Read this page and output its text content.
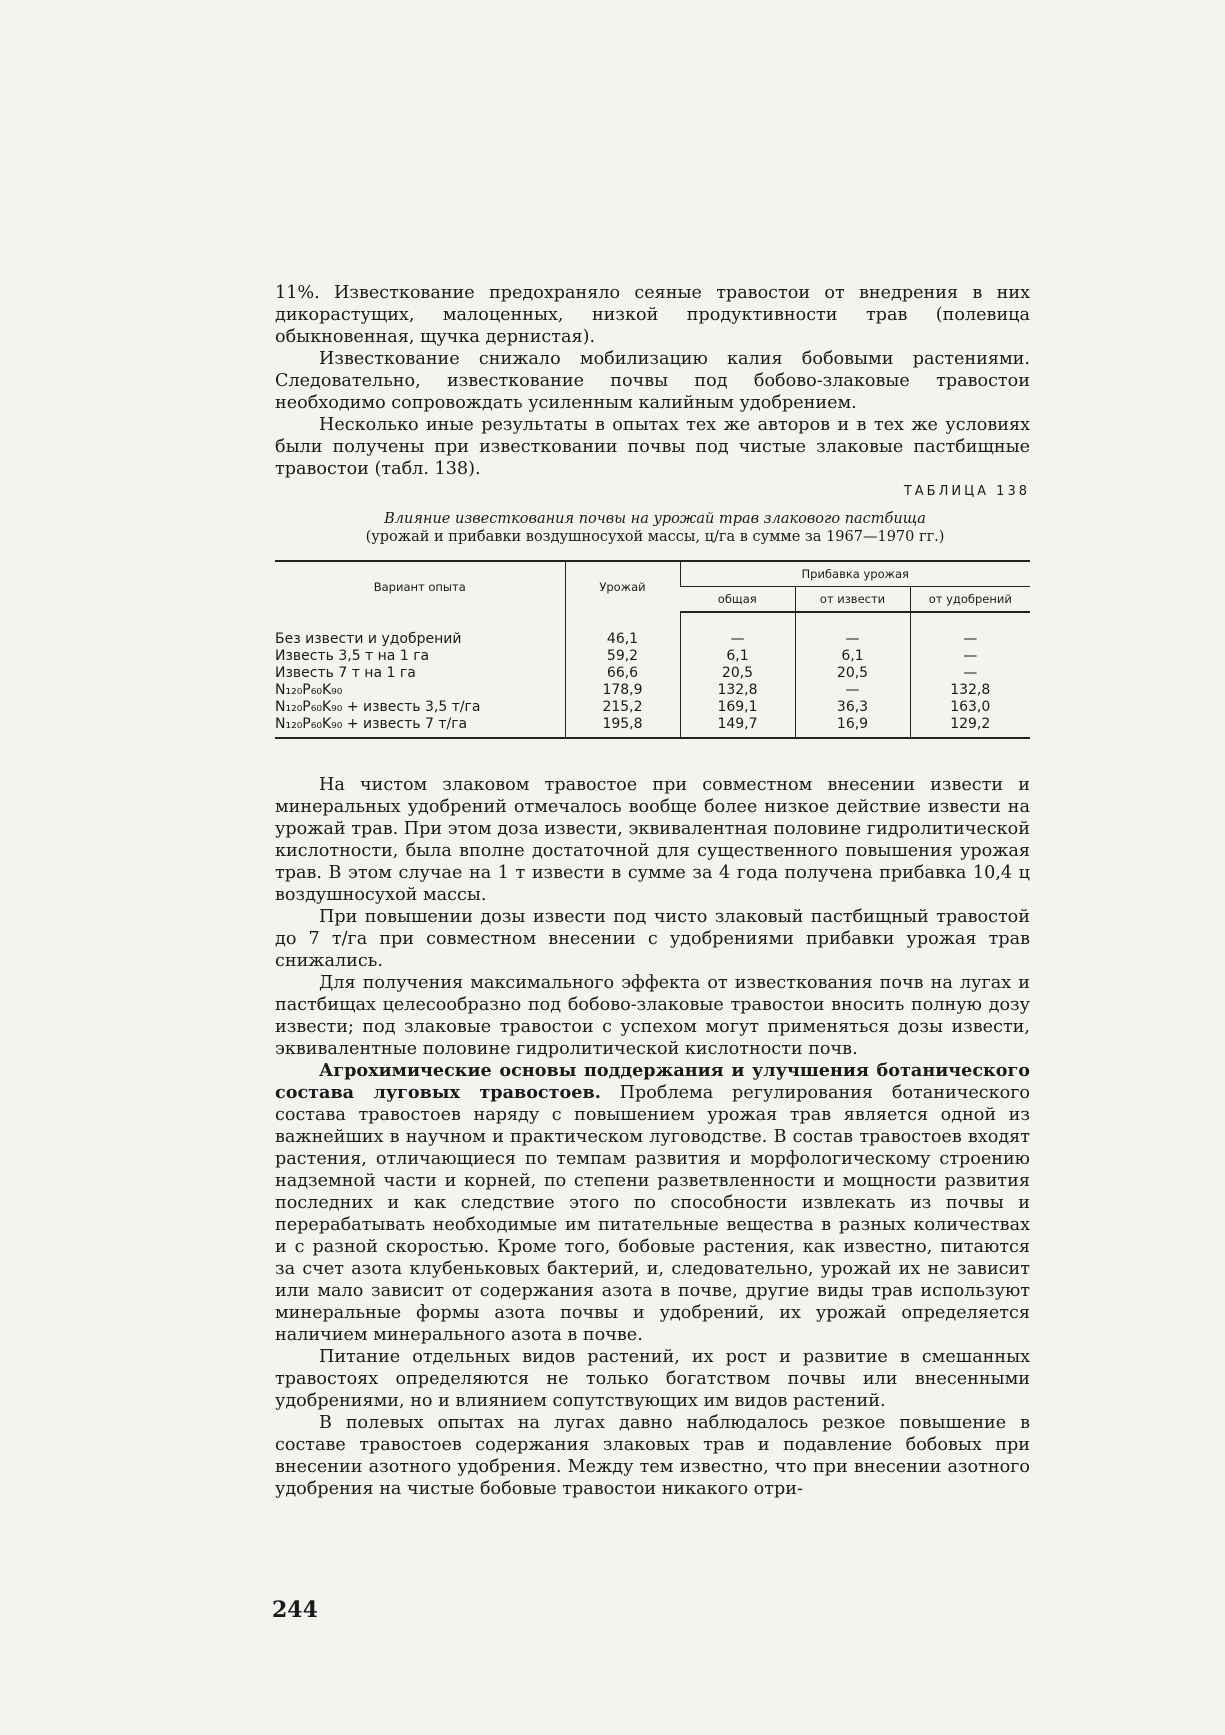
11%. Известкование предохраняло сеяные травостои от внедрения в них дикорастущих, малоценных, низкой продуктивности трав (полевица обыкновенная, щучка дернистая).

Известкование снижало мобилизацию калия бобовыми растениями. Следовательно, известкование почвы под бобово-злаковые травостои необходимо сопровождать усиленным калийным удобрением.

Несколько иные результаты в опытах тех же авторов и в тех же условиях были получены при известковании почвы под чистые злаковые пастбищные травостои (табл. 138).

ТАБЛИЦА 138
Влияние известкования почвы на урожай трав злакового пастбища
(урожай и прибавки воздушносухой массы, ц/га в сумме за 1967—1970 гг.)
Вариант опыта	Урожай	Прибавка урожая		
		общая	от извести	от удобрений
Без извести и удобрений	46,1	—	—	—
Известь 3,5 т на 1 га	59,2	6,1	6,1	—
Известь 7 т на 1 га	66,6	20,5	20,5	—
N₁₂₀P₆₀K₉₀	178,9	132,8	—	132,8
N₁₂₀P₆₀K₉₀ + известь 3,5 т/га	215,2	169,1	36,3	163,0
N₁₂₀P₆₀K₉₀ + известь 7 т/га	195,8	149,7	16,9	129,2

На чистом злаковом травостое при совместном внесении извести и минеральных удобрений отмечалось вообще более низкое действие извести на урожай трав. При этом доза извести, эквивалентная половине гидролитической кислотности, была вполне достаточной для существенного повышения урожая трав. В этом случае на 1 т извести в сумме за 4 года получена прибавка 10,4 ц воздушносухой массы.

При повышении дозы извести под чисто злаковый пастбищный травостой до 7 т/га при совместном внесении с удобрениями прибавки урожая трав снижались.

Для получения максимального эффекта от известкования почв на лугах и пастбищах целесообразно под бобово-злаковые травостои вносить полную дозу извести; под злаковые травостои с успехом могут применяться дозы извести, эквивалентные половине гидролитической кислотности почв.

Агрохимические основы поддержания и улучшения ботанического состава луговых травостоев. Проблема регулирования ботанического состава травостоев наряду с повышением урожая трав является одной из важнейших в научном и практическом луговодстве. В состав травостоев входят растения, отличающиеся по темпам развития и морфологическому строению надземной части и корней, по степени разветвленности и мощности развития последних и как следствие этого по способности извлекать из почвы и перерабатывать необходимые им питательные вещества в разных количествах и с разной скоростью. Кроме того, бобовые растения, как известно, питаются за счет азота клубеньковых бактерий, и, следовательно, урожай их не зависит или мало зависит от содержания азота в почве, другие виды трав используют минеральные формы азота почвы и удобрений, их урожай определяется наличием минерального азота в почве.

Питание отдельных видов растений, их рост и развитие в смешанных травостоях определяются не только богатством почвы или внесенными удобрениями, но и влиянием сопутствующих им видов растений.

В полевых опытах на лугах давно наблюдалось резкое повышение в составе травостоев содержания злаковых трав и подавление бобовых при внесении азотного удобрения. Между тем известно, что при внесении азотного удобрения на чистые бобовые травостои никакого отри-

244
